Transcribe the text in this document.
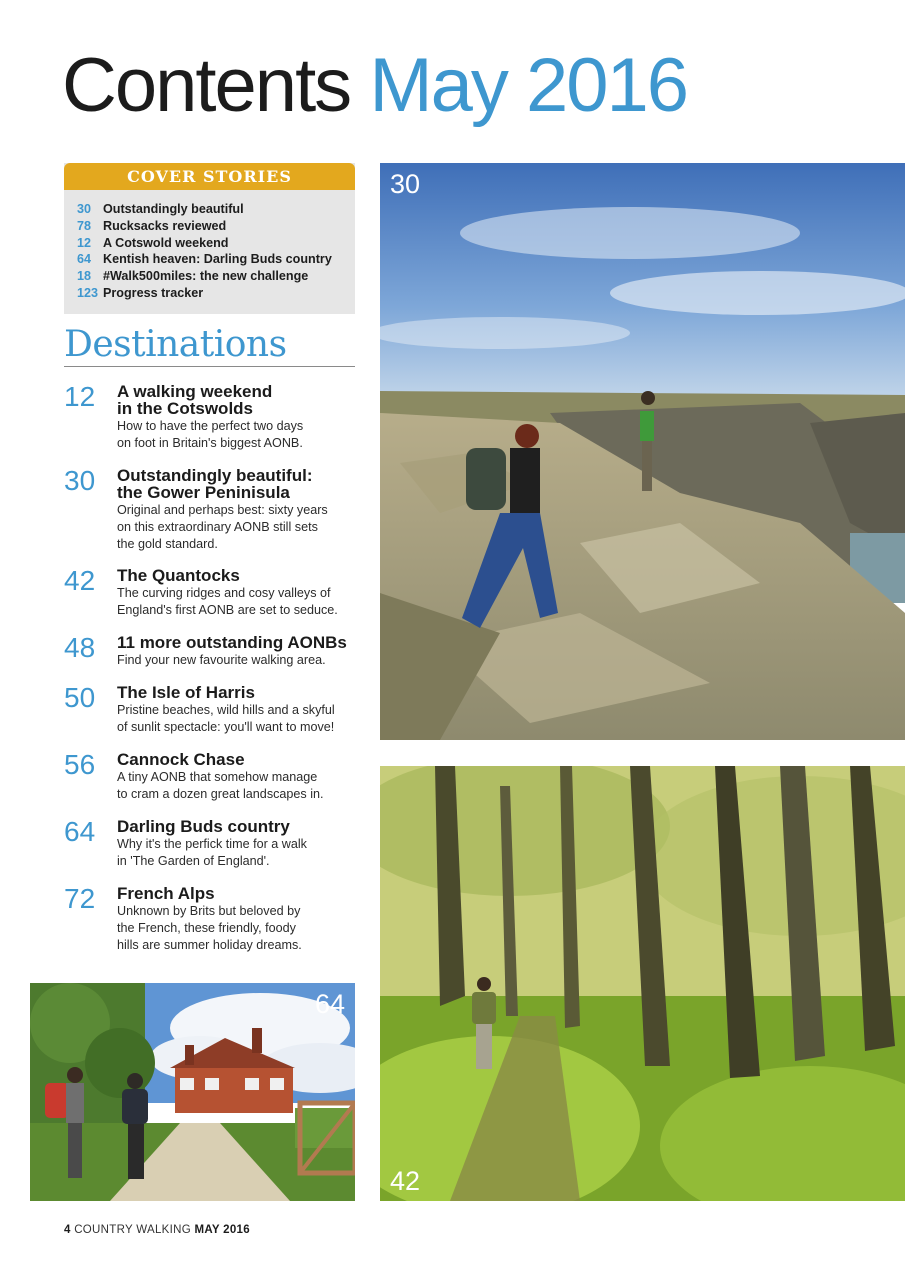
Contents May 2016
COVER STORIES
30 Outstandingly beautiful
78 Rucksacks reviewed
12 A Cotswold weekend
64 Kentish heaven: Darling Buds country
18 #Walk500miles: the new challenge
123 Progress tracker
Destinations
12 A walking weekend
in the Cotswolds
How to have the perfect two days
on foot in Britain's biggest AONB.
30 Outstandingly beautiful:
the Gower Peninisula
Original and perhaps best: sixty years
on this extraordinary AONB still sets
the gold standard.
42 The Quantocks
The curving ridges and cosy valleys of
England's first AONB are set to seduce.
48 11 more outstanding AONBs
Find your new favourite walking area.
50 The Isle of Harris
Pristine beaches, wild hills and a skyful
of sunlit spectacle: you'll want to move!
56 Cannock Chase
A tiny AONB that somehow manage
to cram a dozen great landscapes in.
64 Darling Buds country
Why it's the perfick time for a walk
in 'The Garden of England'.
72 French Alps
Unknown by Brits but beloved by
the French, these friendly, foody
hills are summer holiday dreams.
30
64
42
4 COUNTRY WALKING MAY 2016
